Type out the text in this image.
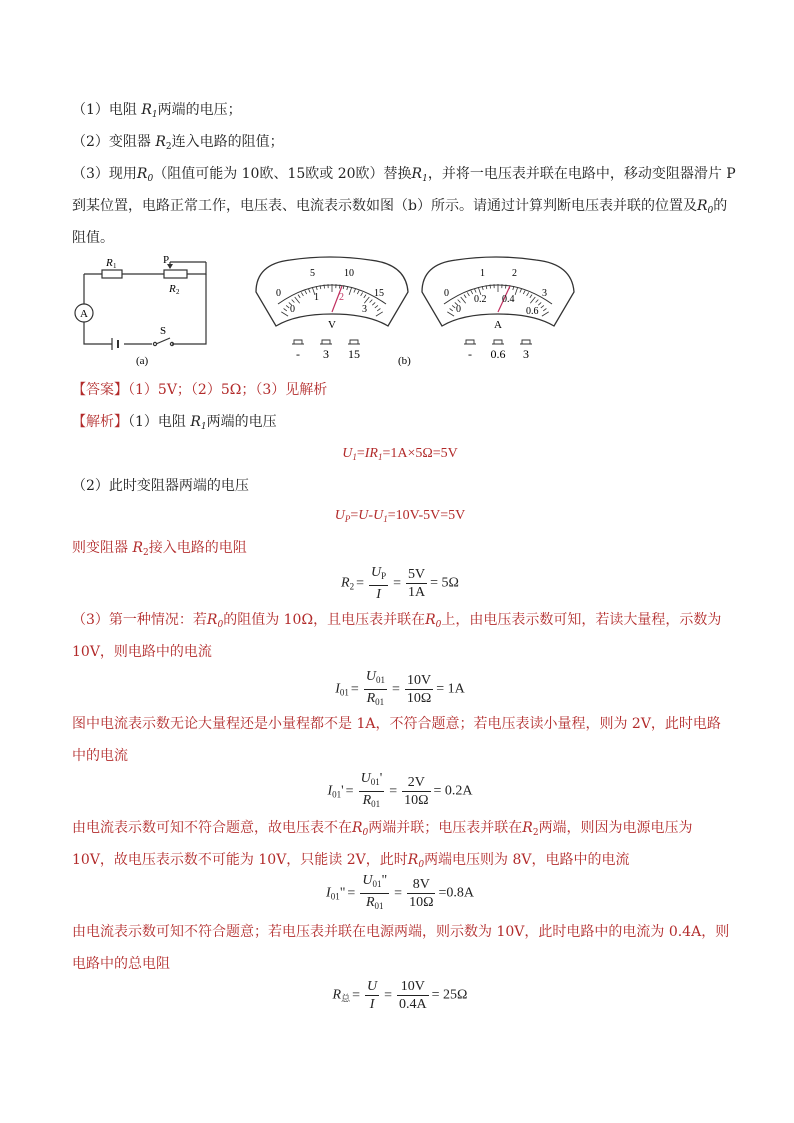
（1）电阻 $R_1$两端的电压；
（2）变阻器 $R_2$连入电路的阻值；
（3）现用$R_0$（阻值可能为 10欧、15欧或 20欧）替换$R_1$，并将一电压表并联在电路中，移动变阻器滑片 P
到某位置，电路正常工作，电压表、电流表示数如图（b）所示。请通过计算判断电压表并联的位置及$R_0$的
阻值。
R 1	P
R 2
A
S
(a)
0
5	10
15
0
1 2
3
V
- 3 15	(b)
0
1	2
3
0
0.2 0.4
0.6
A
- 0.6 3
【答案】（1）5V；（2）5Ω；（3）见解析
【解析】（1）电阻 $R_1$两端的电压
$U_1=IR_1=1A\times 5\Omega=5V$
（2）此时变阻器两端的电压
$U_P=U-U_1=10V-5V=5V$
则变阻器 $R_2$接入电路的电阻
$R_2 = \frac{U_P}{I} = \frac{5V}{1A} = 5\Omega$
（3）第一种情况：若$R_0$的阻值为 10Ω，且电压表并联在$R_0$上，由电压表示数可知，若读大量程，示数为
10V，则电路中的电流
$I_{01} = \frac{U_{01}}{R_{01}} = \frac{10V}{10\Omega} = 1A$
图中电流表示数无论大量程还是小量程都不是 1A，不符合题意；若电压表读小量程，则为 2V，此时电路
中的电流
$I_{01}' = \frac{U_{01}'}{R_{01}} = \frac{2V}{10\Omega} = 0.2A$
由电流表示数可知不符合题意，故电压表不在$R_0$两端并联；电压表并联在$R_2$两端，则因为电源电压为
10V，故电压表示数不可能为 10V，只能读 2V，此时$R_0$两端电压则为 8V，电路中的电流
$I_{01}$" = $\frac{U_{01}"}{R_{01}} = \frac{8V}{10\Omega} =0.8A$
由电流表示数可知不符合题意；若电压表并联在电源两端，则示数为 10V，此时电路中的电流为 0.4A，则
电路中的总电阻
$R_总 = \frac{U}{I} = \frac{10V}{0.4A} = 25\Omega$
